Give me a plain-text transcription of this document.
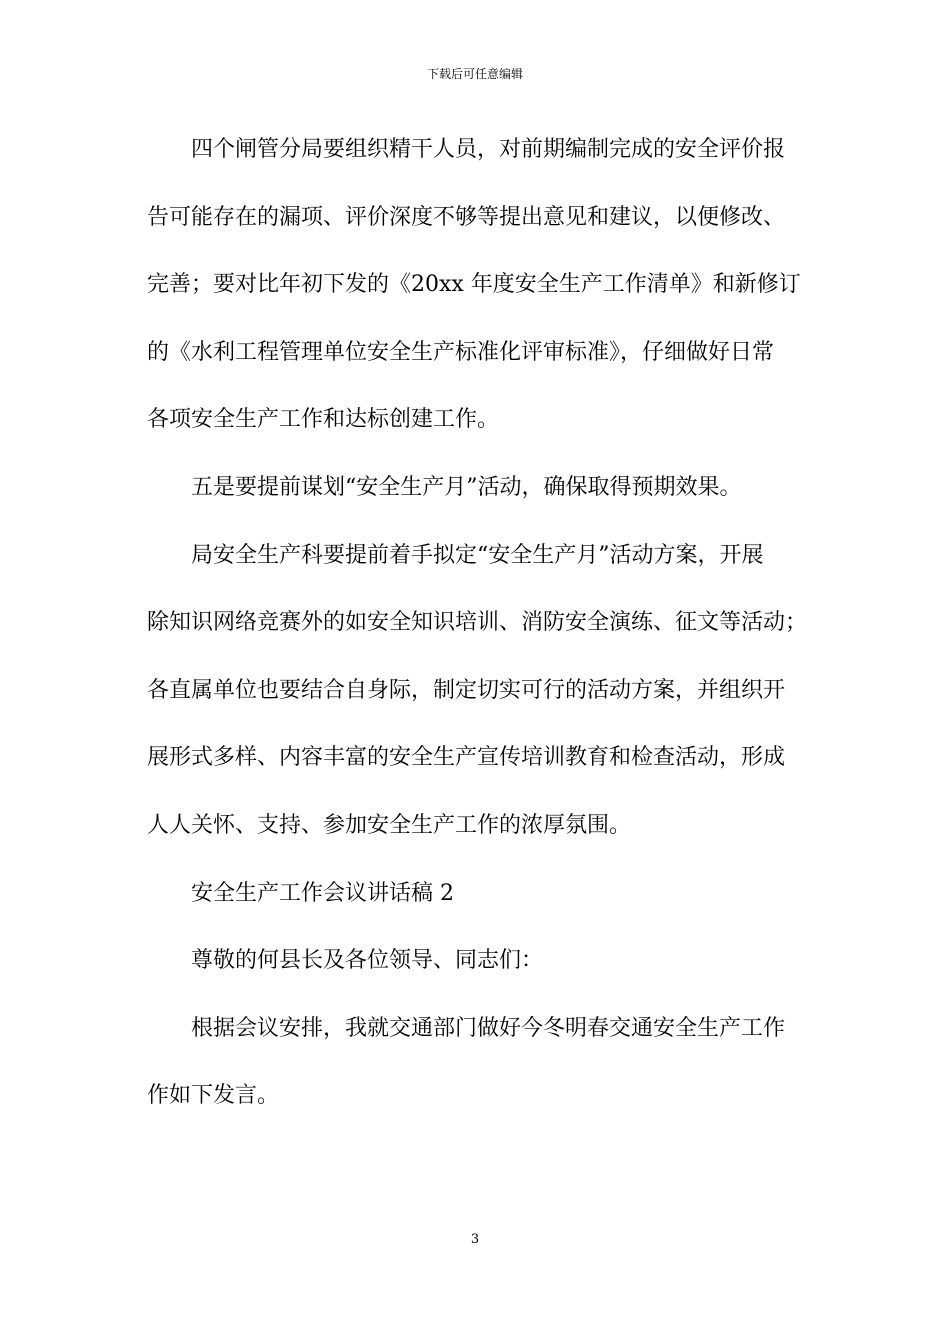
下载后可任意编辑
四个闸管分局要组织精干人员，对前期编制完成的安全评价报
告可能存在的漏项、评价深度不够等提出意见和建议，以便修改、
完善；要对比年初下发的《20xx 年度安全生产工作清单》和新修订
的《水利工程管理单位安全生产标准化评审标准》，仔细做好日常
各项安全生产工作和达标创建工作。
五是要提前谋划“安全生产月”活动，确保取得预期效果。
局安全生产科要提前着手拟定“安全生产月”活动方案，开展
除知识网络竞赛外的如安全知识培训、消防安全演练、征文等活动；
各直属单位也要结合自身际，制定切实可行的活动方案，并组织开
展形式多样、内容丰富的安全生产宣传培训教育和检查活动，形成
人人关怀、支持、参加安全生产工作的浓厚氛围。
安全生产工作会议讲话稿 2
尊敬的何县长及各位领导、同志们：
根据会议安排，我就交通部门做好今冬明春交通安全生产工作
作如下发言。
3
